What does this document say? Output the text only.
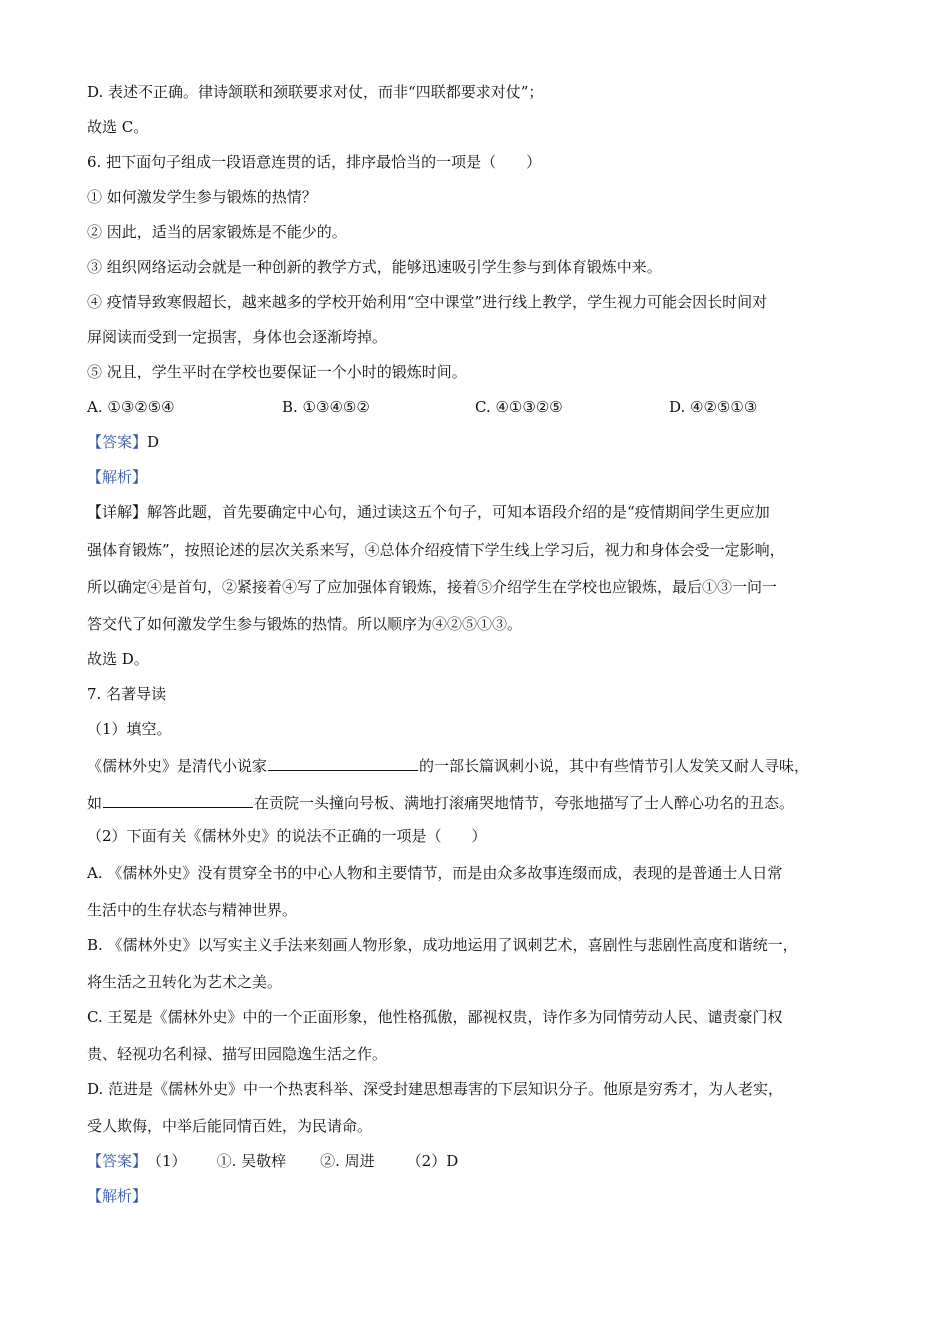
D. 表述不正确。律诗颔联和颈联要求对仗，而非“四联都要求对仗”；
故选 C。
6. 把下面句子组成一段语意连贯的话，排序最恰当的一项是（　　）
① 如何激发学生参与锻炼的热情？
② 因此，适当的居家锻炼是不能少的。
③ 组织网络运动会就是一种创新的教学方式，能够迅速吸引学生参与到体育锻炼中来。
④ 疫情导致寒假超长，越来越多的学校开始利用“空中课堂”进行线上教学，学生视力可能会因长时间对
屏阅读而受到一定损害，身体也会逐渐垮掉。
⑤ 况且，学生平时在学校也要保证一个小时的锻炼时间。
A. ①③②⑤④	B. ①③④⑤②	C. ④①③②⑤	D. ④②⑤①③
【答案】D
【解析】
【详解】解答此题，首先要确定中心句，通过读这五个句子，可知本语段介绍的是“疫情期间学生更应加
强体育锻炼”，按照论述的层次关系来写，④总体介绍疫情下学生线上学习后，视力和身体会受一定影响，
所以确定④是首句，②紧接着④写了应加强体育锻炼，接着⑤介绍学生在学校也应锻炼，最后①③一问一
答交代了如何激发学生参与锻炼的热情。所以顺序为④②⑤①③。
故选 D。
7. 名著导读
（1）填空。
《儒林外史》是清代小说家	的一部长篇讽刺小说，其中有些情节引人发笑又耐人寻味，
如	在贡院一头撞向号板、满地打滚痛哭地情节，夸张地描写了士人醉心功名的丑态。
（2）下面有关《儒林外史》的说法不正确的一项是（　　）
A. 《儒林外史》没有贯穿全书的中心人物和主要情节，而是由众多故事连缀而成，表现的是普通士人日常
生活中的生存状态与精神世界。
B. 《儒林外史》以写实主义手法来刻画人物形象，成功地运用了讽刺艺术，喜剧性与悲剧性高度和谐统一，
将生活之丑转化为艺术之美。
C. 王冕是《儒林外史》中的一个正面形象，他性格孤傲，鄙视权贵，诗作多为同情劳动人民、谴责豪门权
贵、轻视功名利禄、描写田园隐逸生活之作。
D. 范进是《儒林外史》中一个热衷科举、深受封建思想毒害的下层知识分子。他原是穷秀才，为人老实，
受人欺侮，中举后能同情百姓，为民请命。
【答案】（1） ①. 吴敬梓 ②. 周进 （2）D
【解析】
